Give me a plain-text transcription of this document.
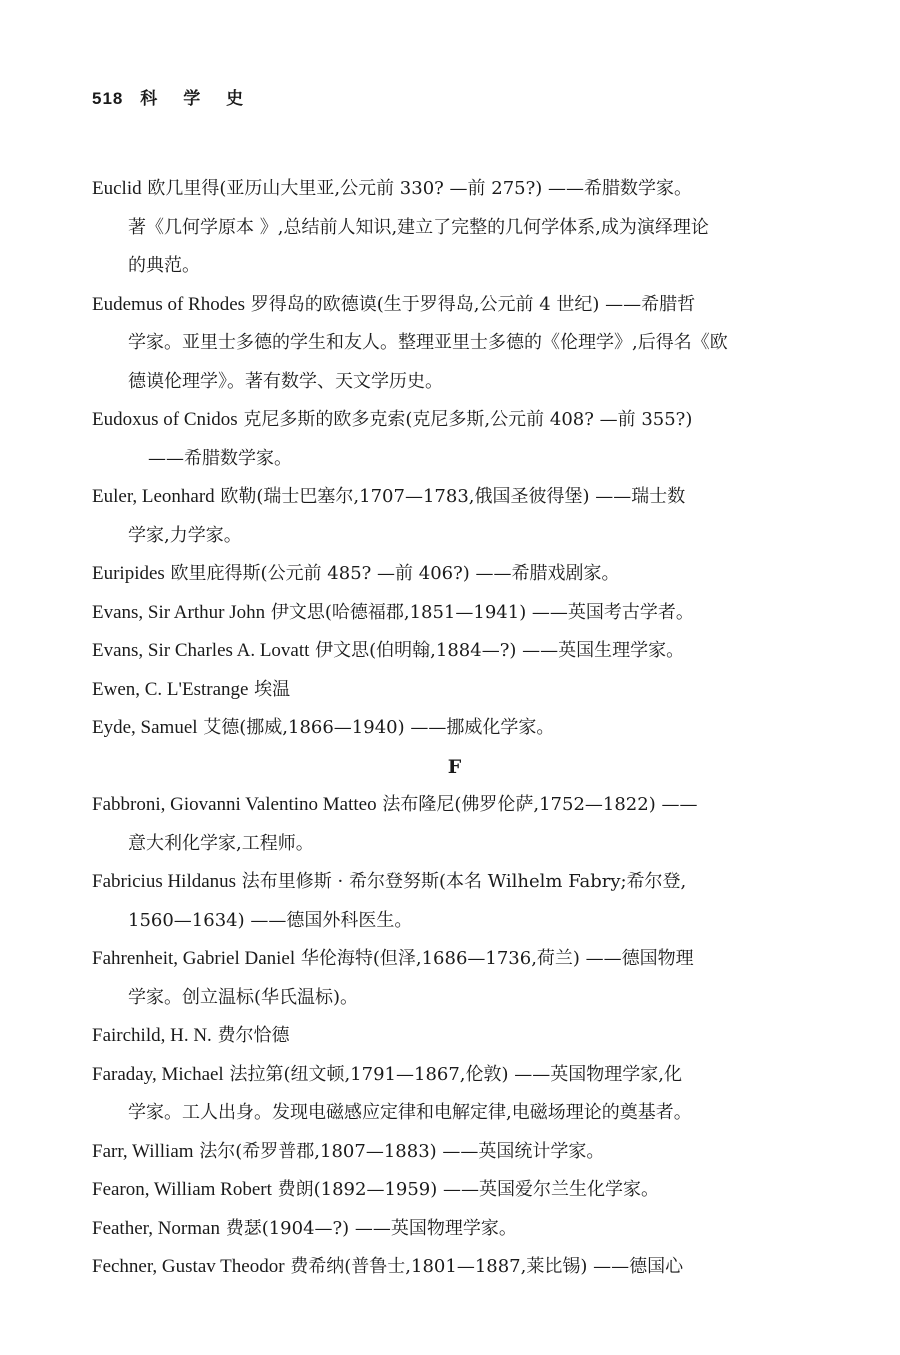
518 科 学 史
Euclid 欧几里得(亚历山大里亚,公元前 330? —前 275?) ——希腊数学家。
著《几何学原本 》,总结前人知识,建立了完整的几何学体系,成为演绎理论
的典范。
Eudemus of Rhodes 罗得岛的欧德谟(生于罗得岛,公元前 4 世纪) ——希腊哲
学家。亚里士多德的学生和友人。整理亚里士多德的《伦理学》,后得名《欧
德谟伦理学》。著有数学、天文学历史。
Eudoxus of Cnidos 克尼多斯的欧多克索(克尼多斯,公元前 408? —前 355?)
——希腊数学家。
Euler, Leonhard 欧勒(瑞士巴塞尔,1707—1783,俄国圣彼得堡) ——瑞士数
学家,力学家。
Euripides 欧里庇得斯(公元前 485? —前 406?) ——希腊戏剧家。
Evans, Sir Arthur John 伊文思(哈德福郡,1851—1941) ——英国考古学者。
Evans, Sir Charles A. Lovatt 伊文思(伯明翰,1884—?) ——英国生理学家。
Ewen, C. L'Estrange 埃温
Eyde, Samuel 艾德(挪威,1866—1940) ——挪威化学家。
F
Fabbroni, Giovanni Valentino Matteo 法布隆尼(佛罗伦萨,1752—1822) ——
意大利化学家,工程师。
Fabricius Hildanus 法布里修斯 · 希尔登努斯(本名 Wilhelm Fabry;希尔登,
1560—1634) ——德国外科医生。
Fahrenheit, Gabriel Daniel 华伦海特(但泽,1686—1736,荷兰) ——德国物理
学家。创立温标(华氏温标)。
Fairchild, H. N. 费尔恰德
Faraday, Michael 法拉第(纽文顿,1791—1867,伦敦) ——英国物理学家,化
学家。工人出身。发现电磁感应定律和电解定律,电磁场理论的奠基者。
Farr, William 法尔(希罗普郡,1807—1883) ——英国统计学家。
Fearon, William Robert 费朗(1892—1959) ——英国爱尔兰生化学家。
Feather, Norman 费瑟(1904—?) ——英国物理学家。
Fechner, Gustav Theodor 费希纳(普鲁士,1801—1887,莱比锡) ——德国心
